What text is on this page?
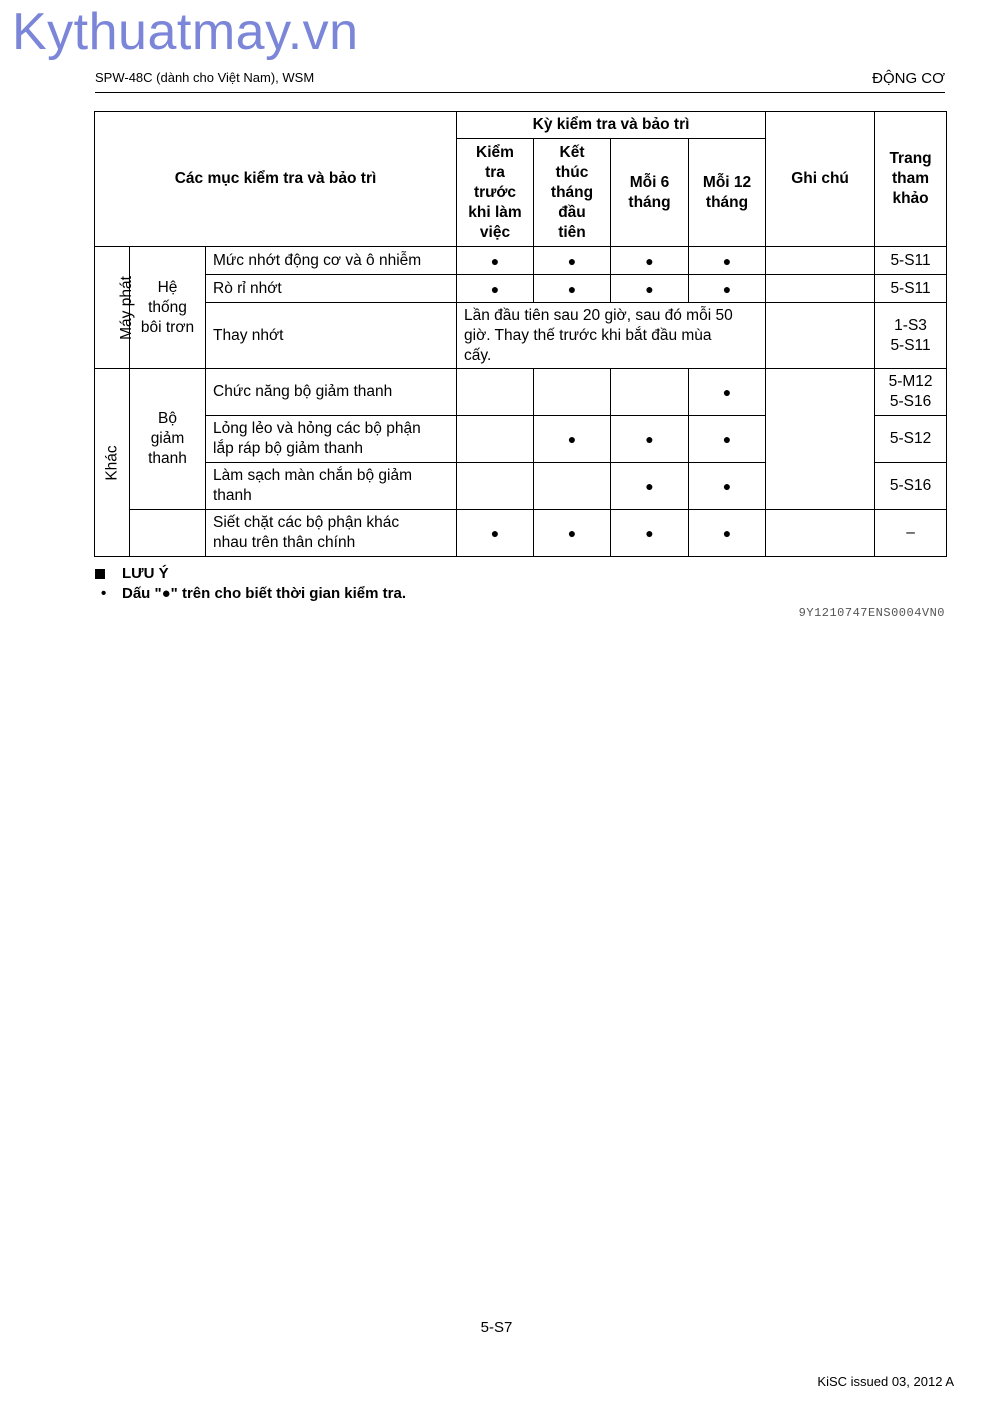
Kythuatmay.vn
SPW-48C (dành cho Việt Nam), WSM	ĐỘNG CƠ
Các mục kiểm tra và bảo trì			Kỳ kiểm tra và bảo trì				Ghi chú	Trang
tham
khảo
			Kiểm
tra
trước
khi làm
việc	Kết
thúc
tháng
đầu
tiên	Mỗi 6
tháng	Mỗi 12
tháng		
Máy phát	Hệ
thống
bôi trơn	Mức nhớt động cơ và ô nhiễm	●	●	●	●		5-S11
		Rò rỉ nhớt	●	●	●	●		5-S11
		Thay nhớt	Lần đầu tiên sau 20 giờ, sau đó mỗi 50
giờ. Thay thế trước khi bắt đầu mùa
cấy.					1-S3
5-S11
Khác	Bộ
giảm
thanh	Chức năng bộ giảm thanh				●		5-M12
5-S16
		Lỏng lẻo và hỏng các bộ phận
lắp ráp bộ giảm thanh		●	●	●		5-S12
		Làm sạch màn chắn bộ giảm
thanh			●	●		5-S16
		Siết chặt các bộ phận khác
nhau trên thân chính	●	●	●	●		–
LƯU Ý
• Dấu "●" trên cho biết thời gian kiểm tra.
9Y1210747ENS0004VN0
5-S7
KiSC issued 03, 2012 A
